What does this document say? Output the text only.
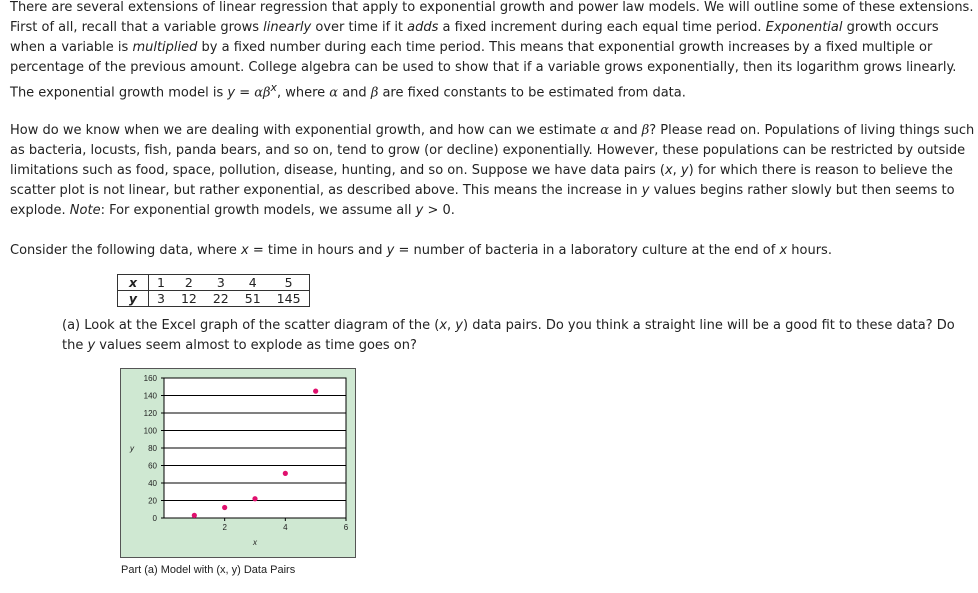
There are several extensions of linear regression that apply to exponential growth and power law models. We will outline some of these extensions. First of all, recall that a variable grows linearly over time if it adds a fixed increment during each equal time period. Exponential growth occurs when a variable is multiplied by a fixed number during each time period. This means that exponential growth increases by a fixed multiple or percentage of the previous amount. College algebra can be used to show that if a variable grows exponentially, then its logarithm grows linearly.
The exponential growth model is $y = \alpha\beta^x$, where α and β are fixed constants to be estimated from data.

How do we know when we are dealing with exponential growth, and how can we estimate α and β? Please read on. Populations of living things such as bacteria, locusts, fish, panda bears, and so on, tend to grow (or decline) exponentially. However, these populations can be restricted by outside limitations such as food, space, pollution, disease, hunting, and so on. Suppose we have data pairs (x, y) for which there is reason to believe the scatter plot is not linear, but rather exponential, as described above. This means the increase in y values begins rather slowly but then seems to explode. Note: For exponential growth models, we assume all y > 0.

Consider the following data, where x = time in hours and y = number of bacteria in a laboratory culture at the end of x hours.

x	1	2	3	4	5
y	3	12	22	51	145

(a) Look at the Excel graph of the scatter diagram of the (x, y) data pairs. Do you think a straight line will be a good fit to these data? Do the y values seem almost to explode as time goes on?

0
20
40
60
80
100
120
140
160
2	4	6
y
x
Part (a) Model with (x, y) Data Pairs
